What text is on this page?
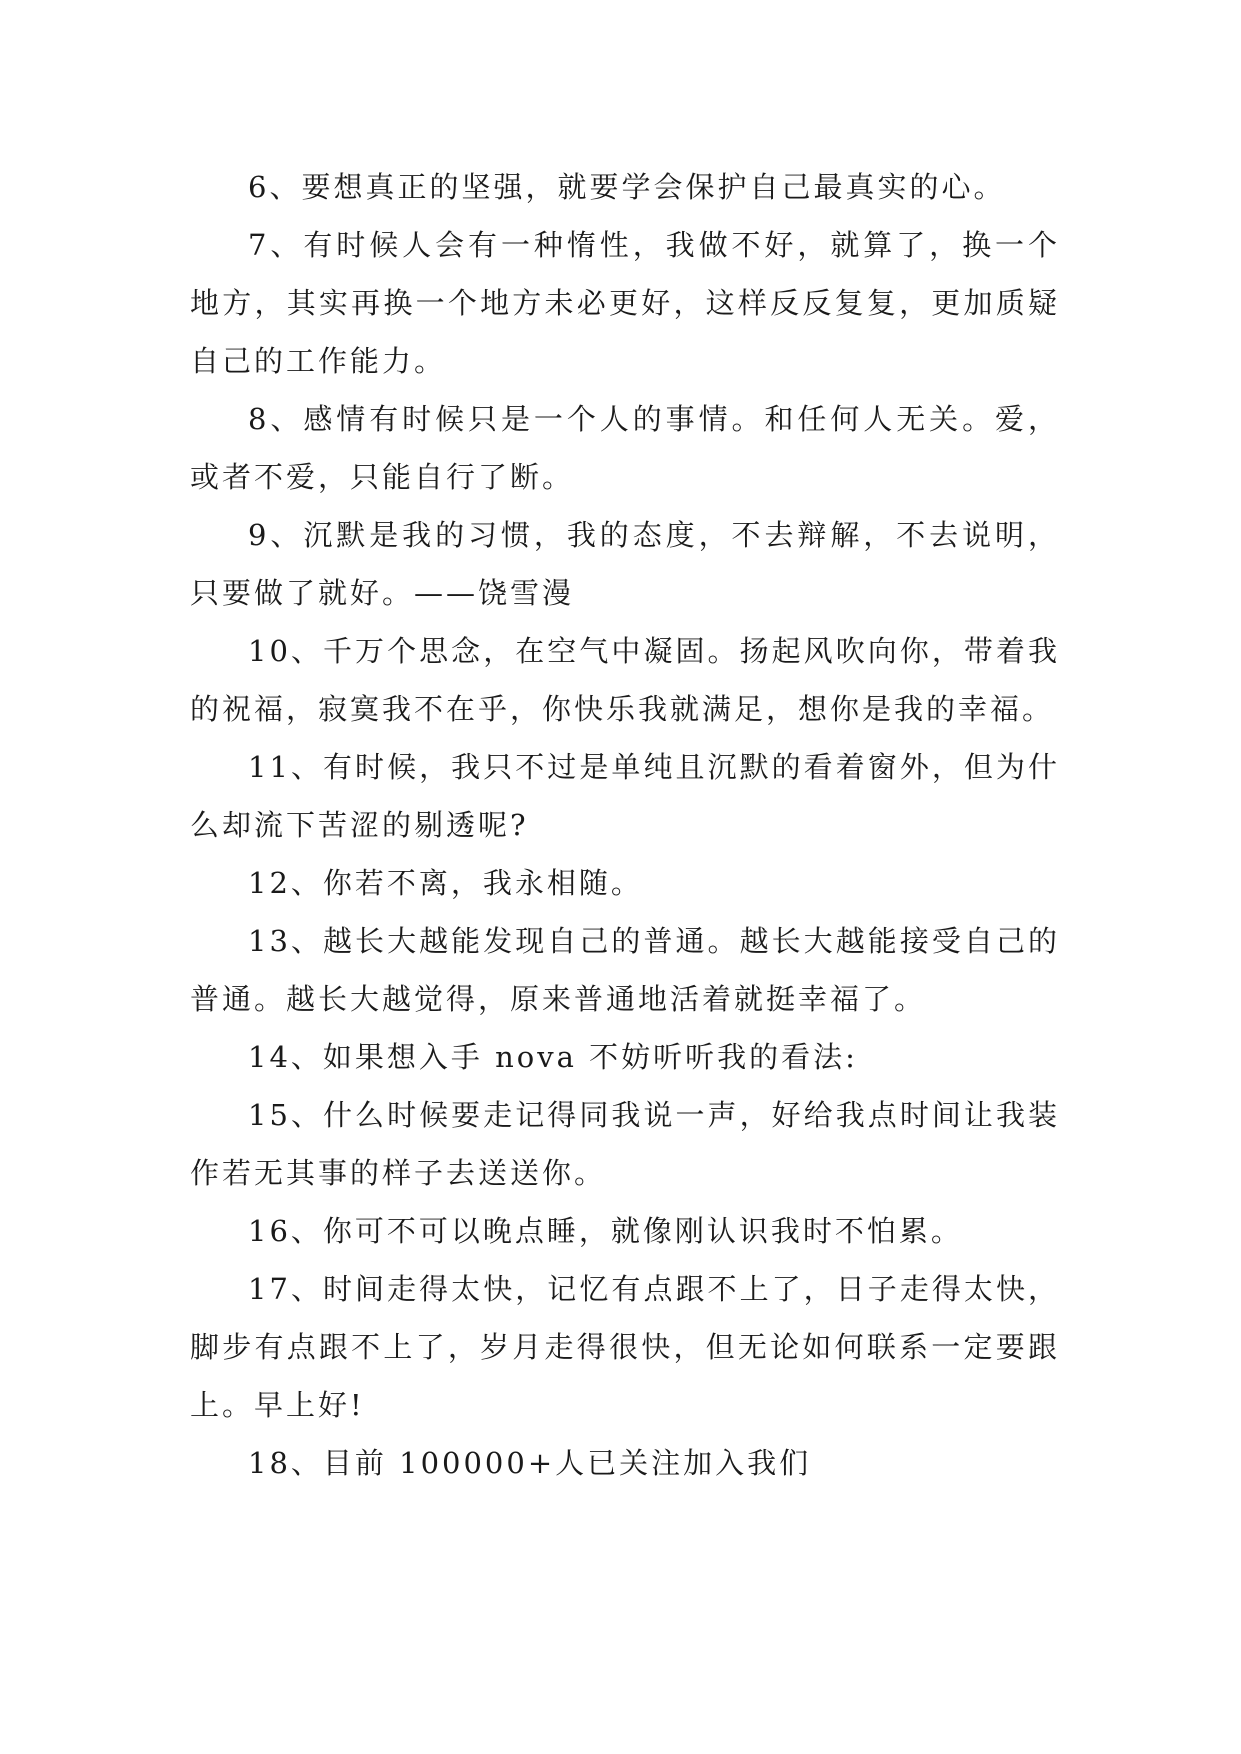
6、要想真正的坚强，就要学会保护自己最真实的心。

7、有时候人会有一种惰性，我做不好，就算了，换一个地方，其实再换一个地方未必更好，这样反反复复，更加质疑自己的工作能力。

8、感情有时候只是一个人的事情。和任何人无关。爱，或者不爱，只能自行了断。

9、沉默是我的习惯，我的态度，不去辩解，不去说明，只要做了就好。——饶雪漫

10、千万个思念，在空气中凝固。扬起风吹向你，带着我的祝福，寂寞我不在乎，你快乐我就满足，想你是我的幸福。

11、有时候，我只不过是单纯且沉默的看着窗外，但为什么却流下苦涩的剔透呢?

12、你若不离，我永相随。

13、越长大越能发现自己的普通。越长大越能接受自己的普通。越长大越觉得，原来普通地活着就挺幸福了。

14、如果想入手 nova 不妨听听我的看法:

15、什么时候要走记得同我说一声，好给我点时间让我装作若无其事的样子去送送你。

16、你可不可以晚点睡，就像刚认识我时不怕累。

17、时间走得太快，记忆有点跟不上了，日子走得太快，脚步有点跟不上了，岁月走得很快，但无论如何联系一定要跟上。早上好!

18、目前 100000+人已关注加入我们
